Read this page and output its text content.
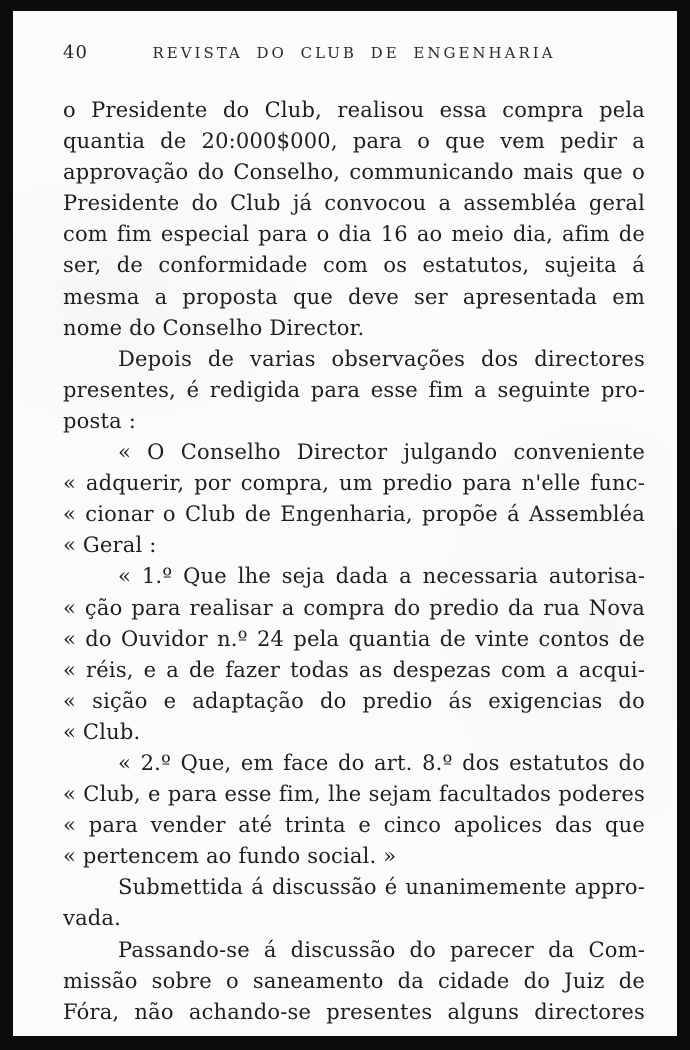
40	REVISTA DO CLUB DE ENGENHARIA
o Presidente do Club, realisou essa compra pela
quantia de 20:000$000, para o que vem pedir a
approvação do Conselho, communicando mais que o
Presidente do Club já convocou a assembléa geral
com fim especial para o dia 16 ao meio dia, afim de
ser, de conformidade com os estatutos, sujeita á
mesma a proposta que deve ser apresentada em
nome do Conselho Director.
Depois de varias observações dos directores
presentes, é redigida para esse fim a seguinte pro-
posta :
« O Conselho Director julgando conveniente
« adquerir, por compra, um predio para n'elle func-
« cionar o Club de Engenharia, propõe á Assembléa
« Geral :
« 1.º Que lhe seja dada a necessaria autorisa-
« ção para realisar a compra do predio da rua Nova
« do Ouvidor n.º 24 pela quantia de vinte contos de
« réis, e a de fazer todas as despezas com a acqui-
« sição e adaptação do predio ás exigencias do
« Club.
« 2.º Que, em face do art. 8.º dos estatutos do
« Club, e para esse fim, lhe sejam facultados poderes
« para vender até trinta e cinco apolices das que
« pertencem ao fundo social. »
Submettida á discussão é unanimemente appro-
vada.
Passando-se á discussão do parecer da Com-
missão sobre o saneamento da cidade do Juiz de
Fóra, não achando-se presentes alguns directores
